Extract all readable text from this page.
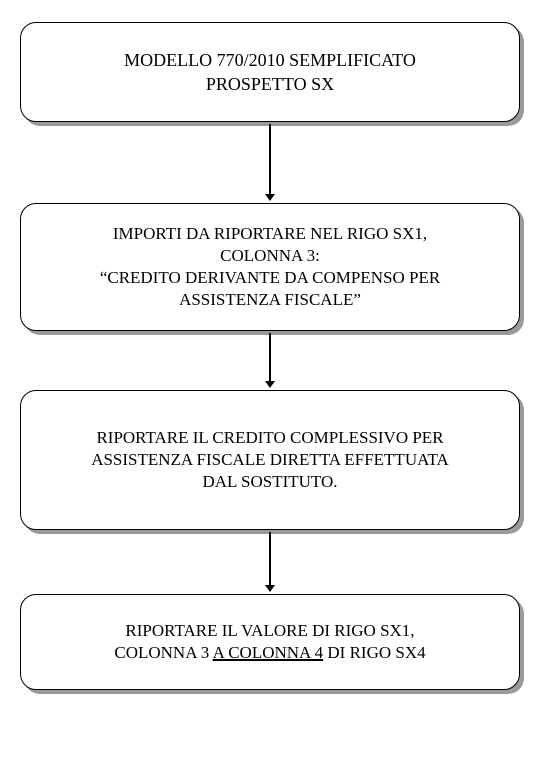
MODELLO 770/2010 SEMPLIFICATO
PROSPETTO SX
IMPORTI DA RIPORTARE NEL RIGO SX1,
COLONNA 3:
“CREDITO DERIVANTE DA COMPENSO PER
ASSISTENZA FISCALE”
RIPORTARE IL CREDITO COMPLESSIVO PER
ASSISTENZA FISCALE DIRETTA EFFETTUATA
DAL SOSTITUTO.
RIPORTARE IL VALORE DI RIGO SX1,
COLONNA 3 A COLONNA 4 DI RIGO SX4
